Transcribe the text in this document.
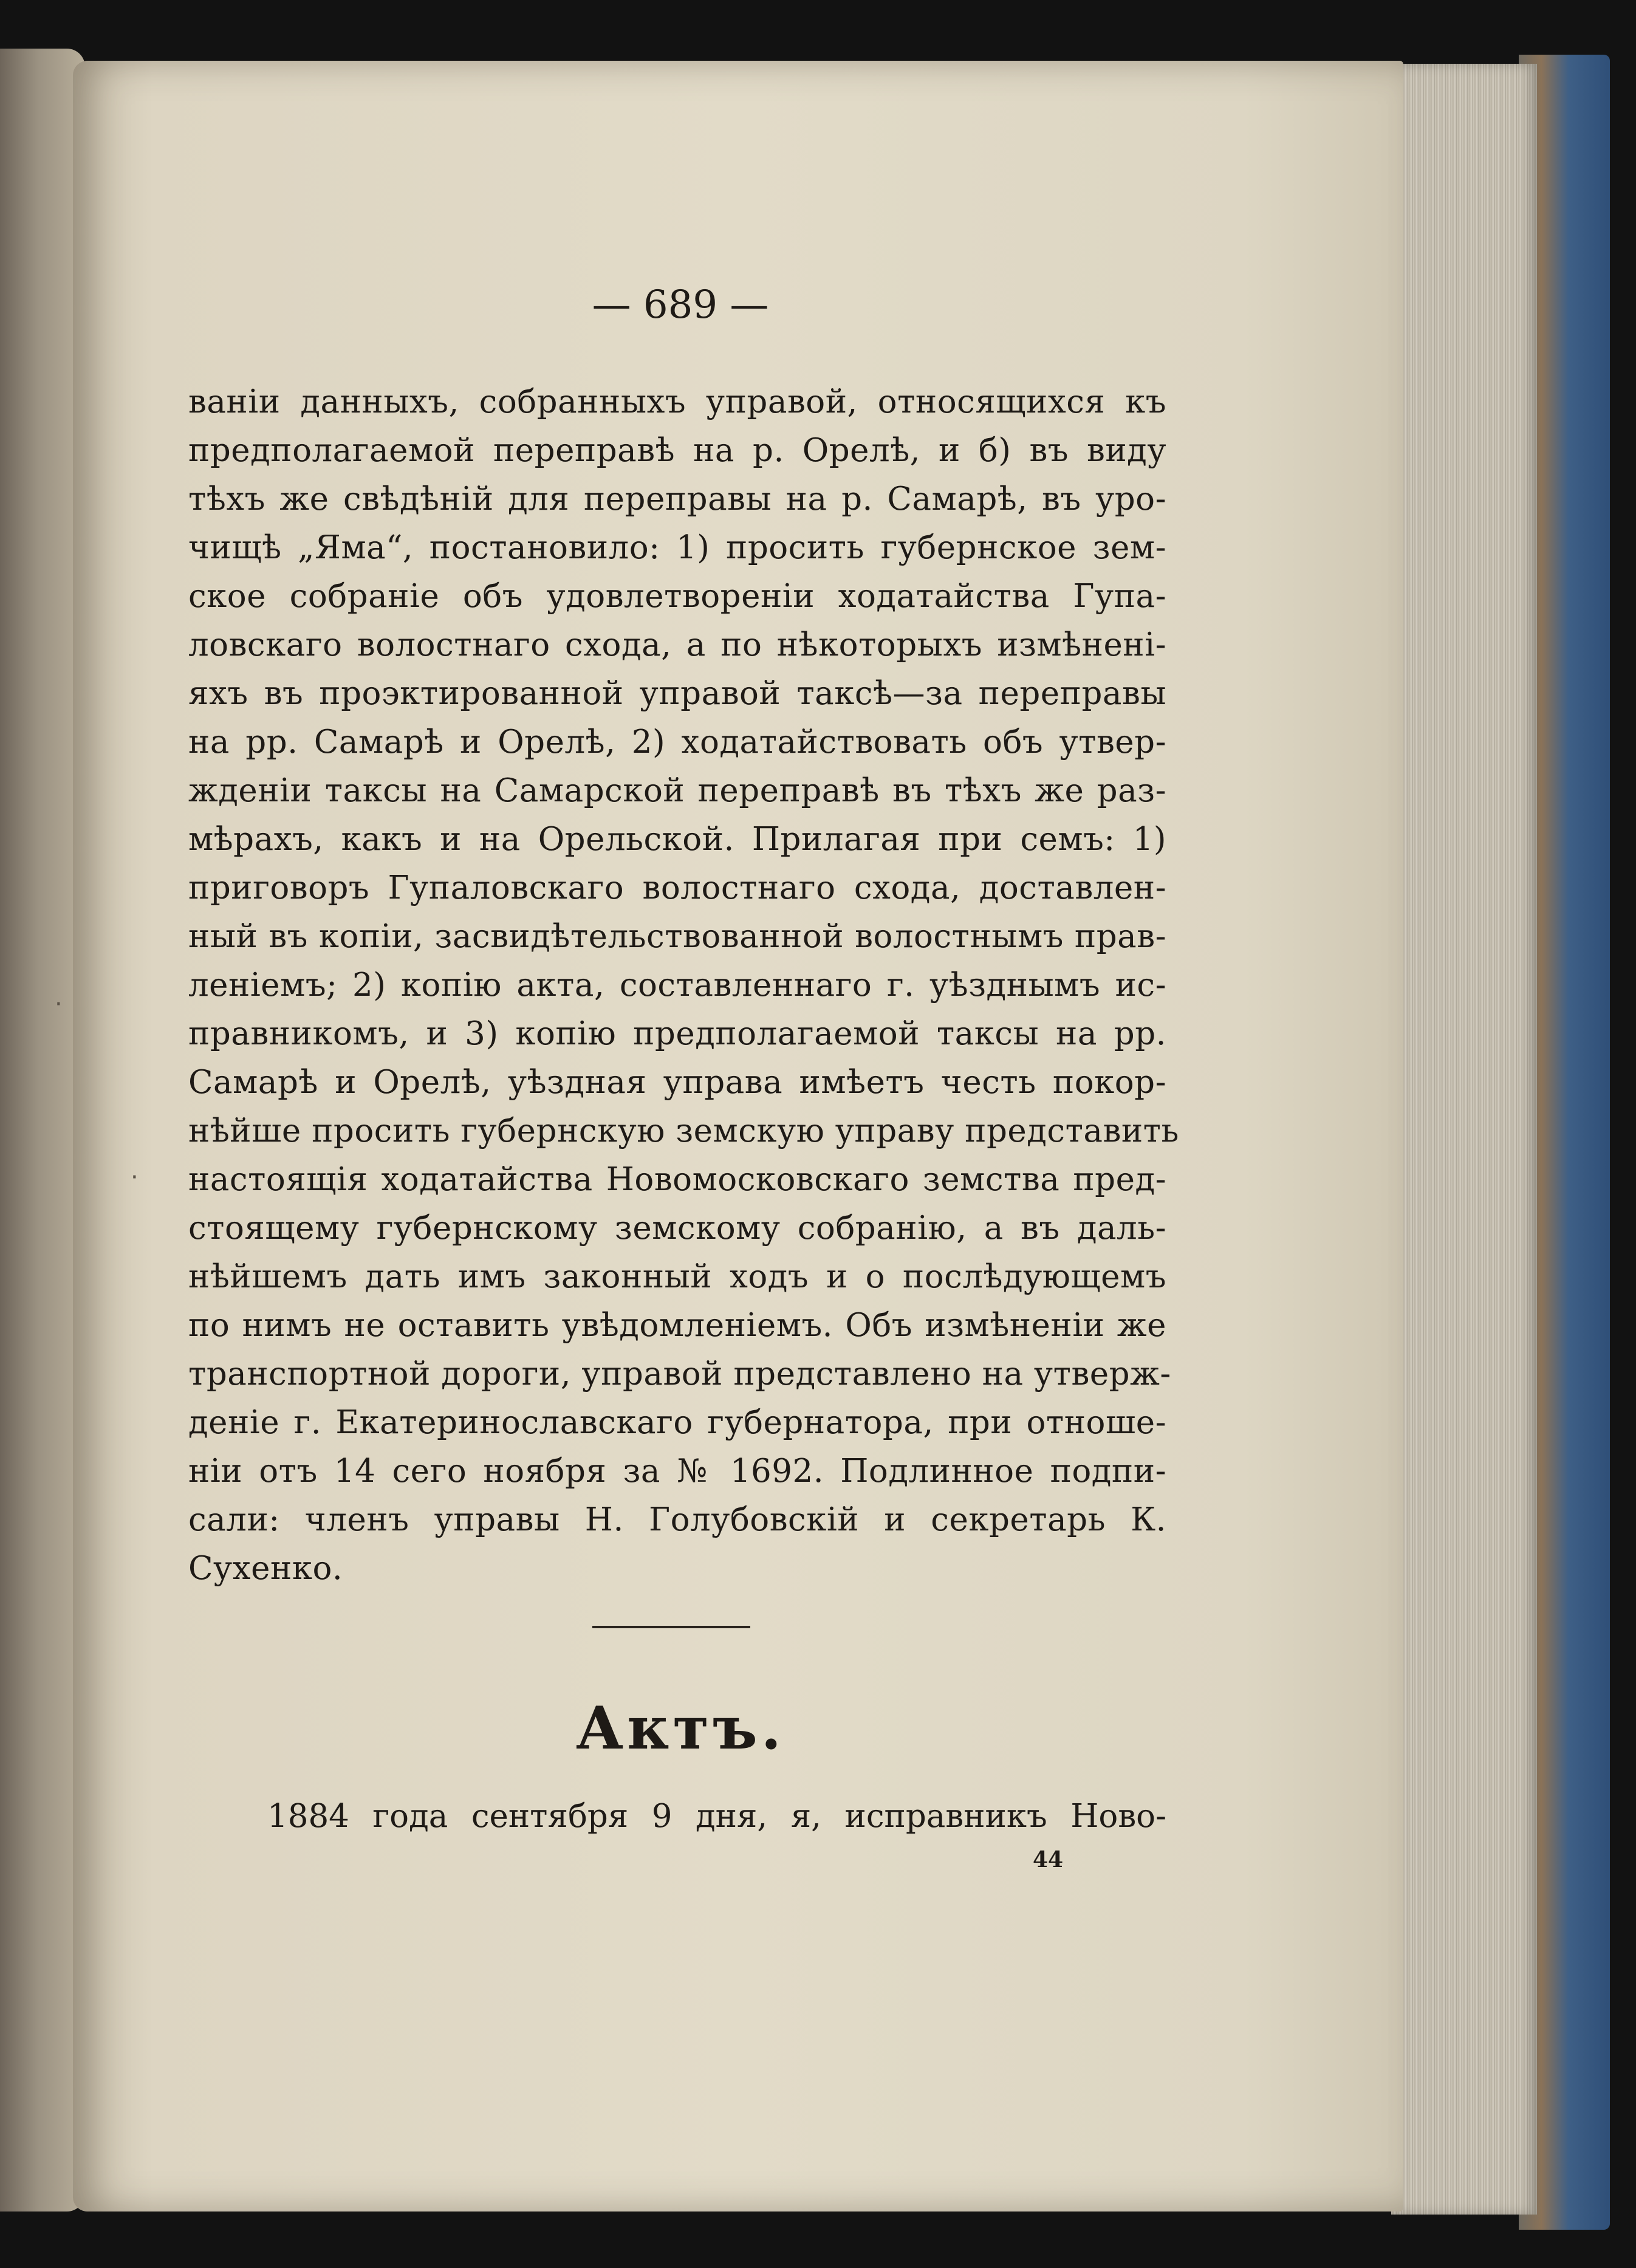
·
·
— 689 —
ваніи данныхъ, собранныхъ управой, относящихся къ
предполагаемой переправѣ на р. Орелѣ, и б) въ виду
тѣхъ же свѣдѣній для переправы на р. Самарѣ, въ уро-
чищѣ „Яма“, постановило: 1) просить губернское зем-
ское собраніе объ удовлетвореніи ходатайства Гупа-
ловскаго волостнаго схода, а по нѣкоторыхъ измѣненi-
яхъ въ проэктированной управой таксѣ—за переправы
на рр. Самарѣ и Орелѣ, 2) ходатайствовать объ утвер-
жденіи таксы на Самарской переправѣ въ тѣхъ же раз-
мѣрахъ, какъ и на Орельской. Прилагая при семъ: 1)
приговоръ Гупаловскаго волостнаго схода, доставлен-
ный въ копіи, засвидѣтельствованной волостнымъ прав-
леніемъ; 2) копію акта, составленнаго г. уѣзднымъ ис-
правникомъ, и 3) копію предполагаемой таксы на рр.
Самарѣ и Орелѣ, уѣздная управа имѣетъ честь покор-
нѣйше просить губернскую земскую управу представить
настоящія ходатайства Новомосковскаго земства пред-
стоящему губернскому земскому собранію, а въ даль-
нѣйшемъ дать имъ законный ходъ и о послѣдующемъ
по нимъ не оставить увѣдомленіемъ. Объ измѣненіи же
транспортной дороги, управой представлено на утверж-
деніе г. Екатеринославскаго губернатора, при отноше-
ніи отъ 14 сего ноября за № 1692. Подлинное подпи-
сали: членъ управы Н. Голубовскій и секретарь К.
Сухенко.
Актъ.
1884 года сентября 9 дня, я, исправникъ Ново-
44
